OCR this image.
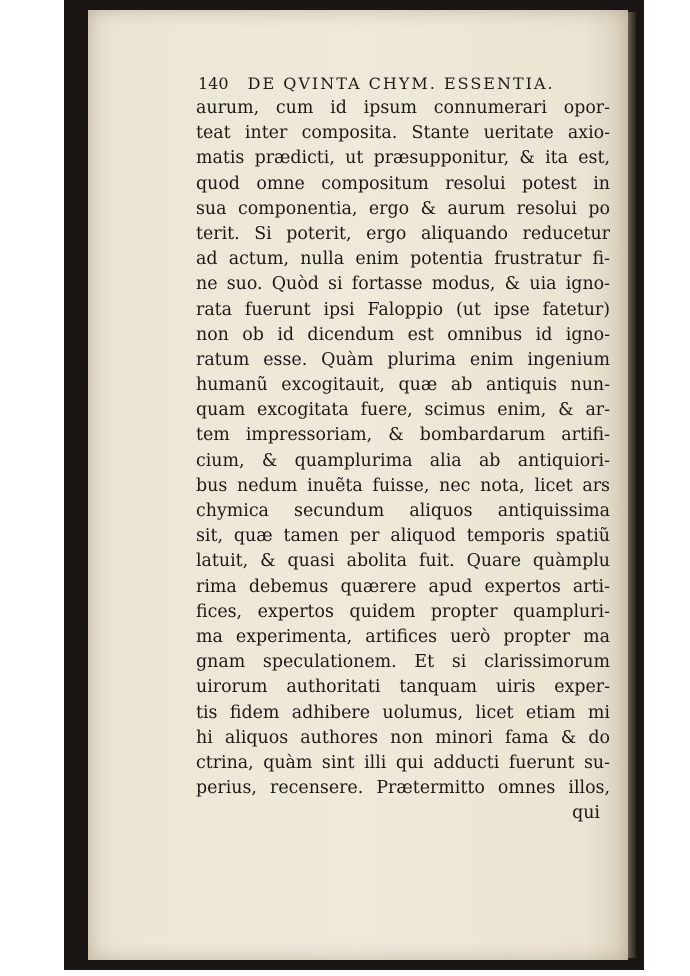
140 DE QVINTA CHYM. ESSENTIA.
aurum, cum id ipsum connumerari opor-
teat inter composita. Stante ueritate axio-
matis prædicti, ut præsupponitur, & ita est,
quod omne compositum resolui potest in
sua componentia, ergo & aurum resolui po
terit. Si poterit, ergo aliquando reducetur
ad actum, nulla enim potentia frustratur fi-
ne suo. Quòd si fortasse modus, & uia igno-
rata fuerunt ipsi Faloppio (ut ipse fatetur)
non ob id dicendum est omnibus id igno-
ratum esse. Quàm plurima enim ingenium
humanũ excogitauit, quæ ab antiquis nun-
quam excogitata fuere, scimus enim, & ar-
tem impressoriam, & bombardarum artifi-
cium, & quamplurima alia ab antiquiori-
bus nedum inuẽta fuisse, nec nota, licet ars
chymica secundum aliquos antiquissima
sit, quæ tamen per aliquod temporis spatiũ
latuit, & quasi abolita fuit. Quare quàmplu
rima debemus quærere apud expertos arti-
fices, expertos quidem propter quampluri-
ma experimenta, artifices uerò propter ma
gnam speculationem. Et si clarissimorum
uirorum authoritati tanquam uiris exper-
tis fidem adhibere uolumus, licet etiam mi
hi aliquos authores non minori fama & do
ctrina, quàm sint illi qui adducti fuerunt su-
perius, recensere. Prætermitto omnes illos,
qui
